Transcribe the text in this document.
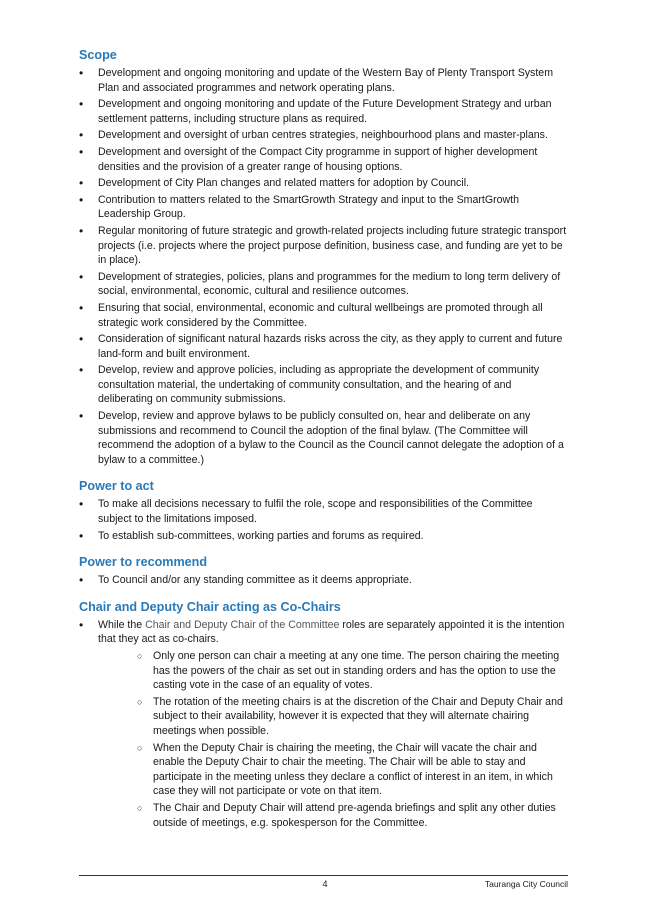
Scope
• Development and ongoing monitoring and update of the Western Bay of Plenty Transport System Plan and associated programmes and network operating plans.
• Development and ongoing monitoring and update of the Future Development Strategy and urban settlement patterns, including structure plans as required.
• Development and oversight of urban centres strategies, neighbourhood plans and master-plans.
• Development and oversight of the Compact City programme in support of higher development densities and the provision of a greater range of housing options.
• Development of City Plan changes and related matters for adoption by Council.
• Contribution to matters related to the SmartGrowth Strategy and input to the SmartGrowth Leadership Group.
• Regular monitoring of future strategic and growth-related projects including future strategic transport projects (i.e. projects where the project purpose definition, business case, and funding are yet to be in place).
• Development of strategies, policies, plans and programmes for the medium to long term delivery of social, environmental, economic, cultural and resilience outcomes.
• Ensuring that social, environmental, economic and cultural wellbeings are promoted through all strategic work considered by the Committee.
• Consideration of significant natural hazards risks across the city, as they apply to current and future land-form and built environment.
• Develop, review and approve policies, including as appropriate the development of community consultation material, the undertaking of community consultation, and the hearing of and deliberating on community submissions.
• Develop, review and approve bylaws to be publicly consulted on, hear and deliberate on any submissions and recommend to Council the adoption of the final bylaw. (The Committee will recommend the adoption of a bylaw to the Council as the Council cannot delegate the adoption of a bylaw to a committee.)
Power to act
• To make all decisions necessary to fulfil the role, scope and responsibilities of the Committee subject to the limitations imposed.
• To establish sub-committees, working parties and forums as required.
Power to recommend
• To Council and/or any standing committee as it deems appropriate.
Chair and Deputy Chair acting as Co-Chairs
• While the Chair and Deputy Chair of the Committee roles are separately appointed it is the intention that they act as co-chairs.
○ Only one person can chair a meeting at any one time. The person chairing the meeting has the powers of the chair as set out in standing orders and has the option to use the casting vote in the case of an equality of votes.
○ The rotation of the meeting chairs is at the discretion of the Chair and Deputy Chair and subject to their availability, however it is expected that they will alternate chairing meetings when possible.
○ When the Deputy Chair is chairing the meeting, the Chair will vacate the chair and enable the Deputy Chair to chair the meeting. The Chair will be able to stay and participate in the meeting unless they declare a conflict of interest in an item, in which case they will not participate or vote on that item.
○ The Chair and Deputy Chair will attend pre-agenda briefings and split any other duties outside of meetings, e.g. spokesperson for the Committee.
4	Tauranga City Council
